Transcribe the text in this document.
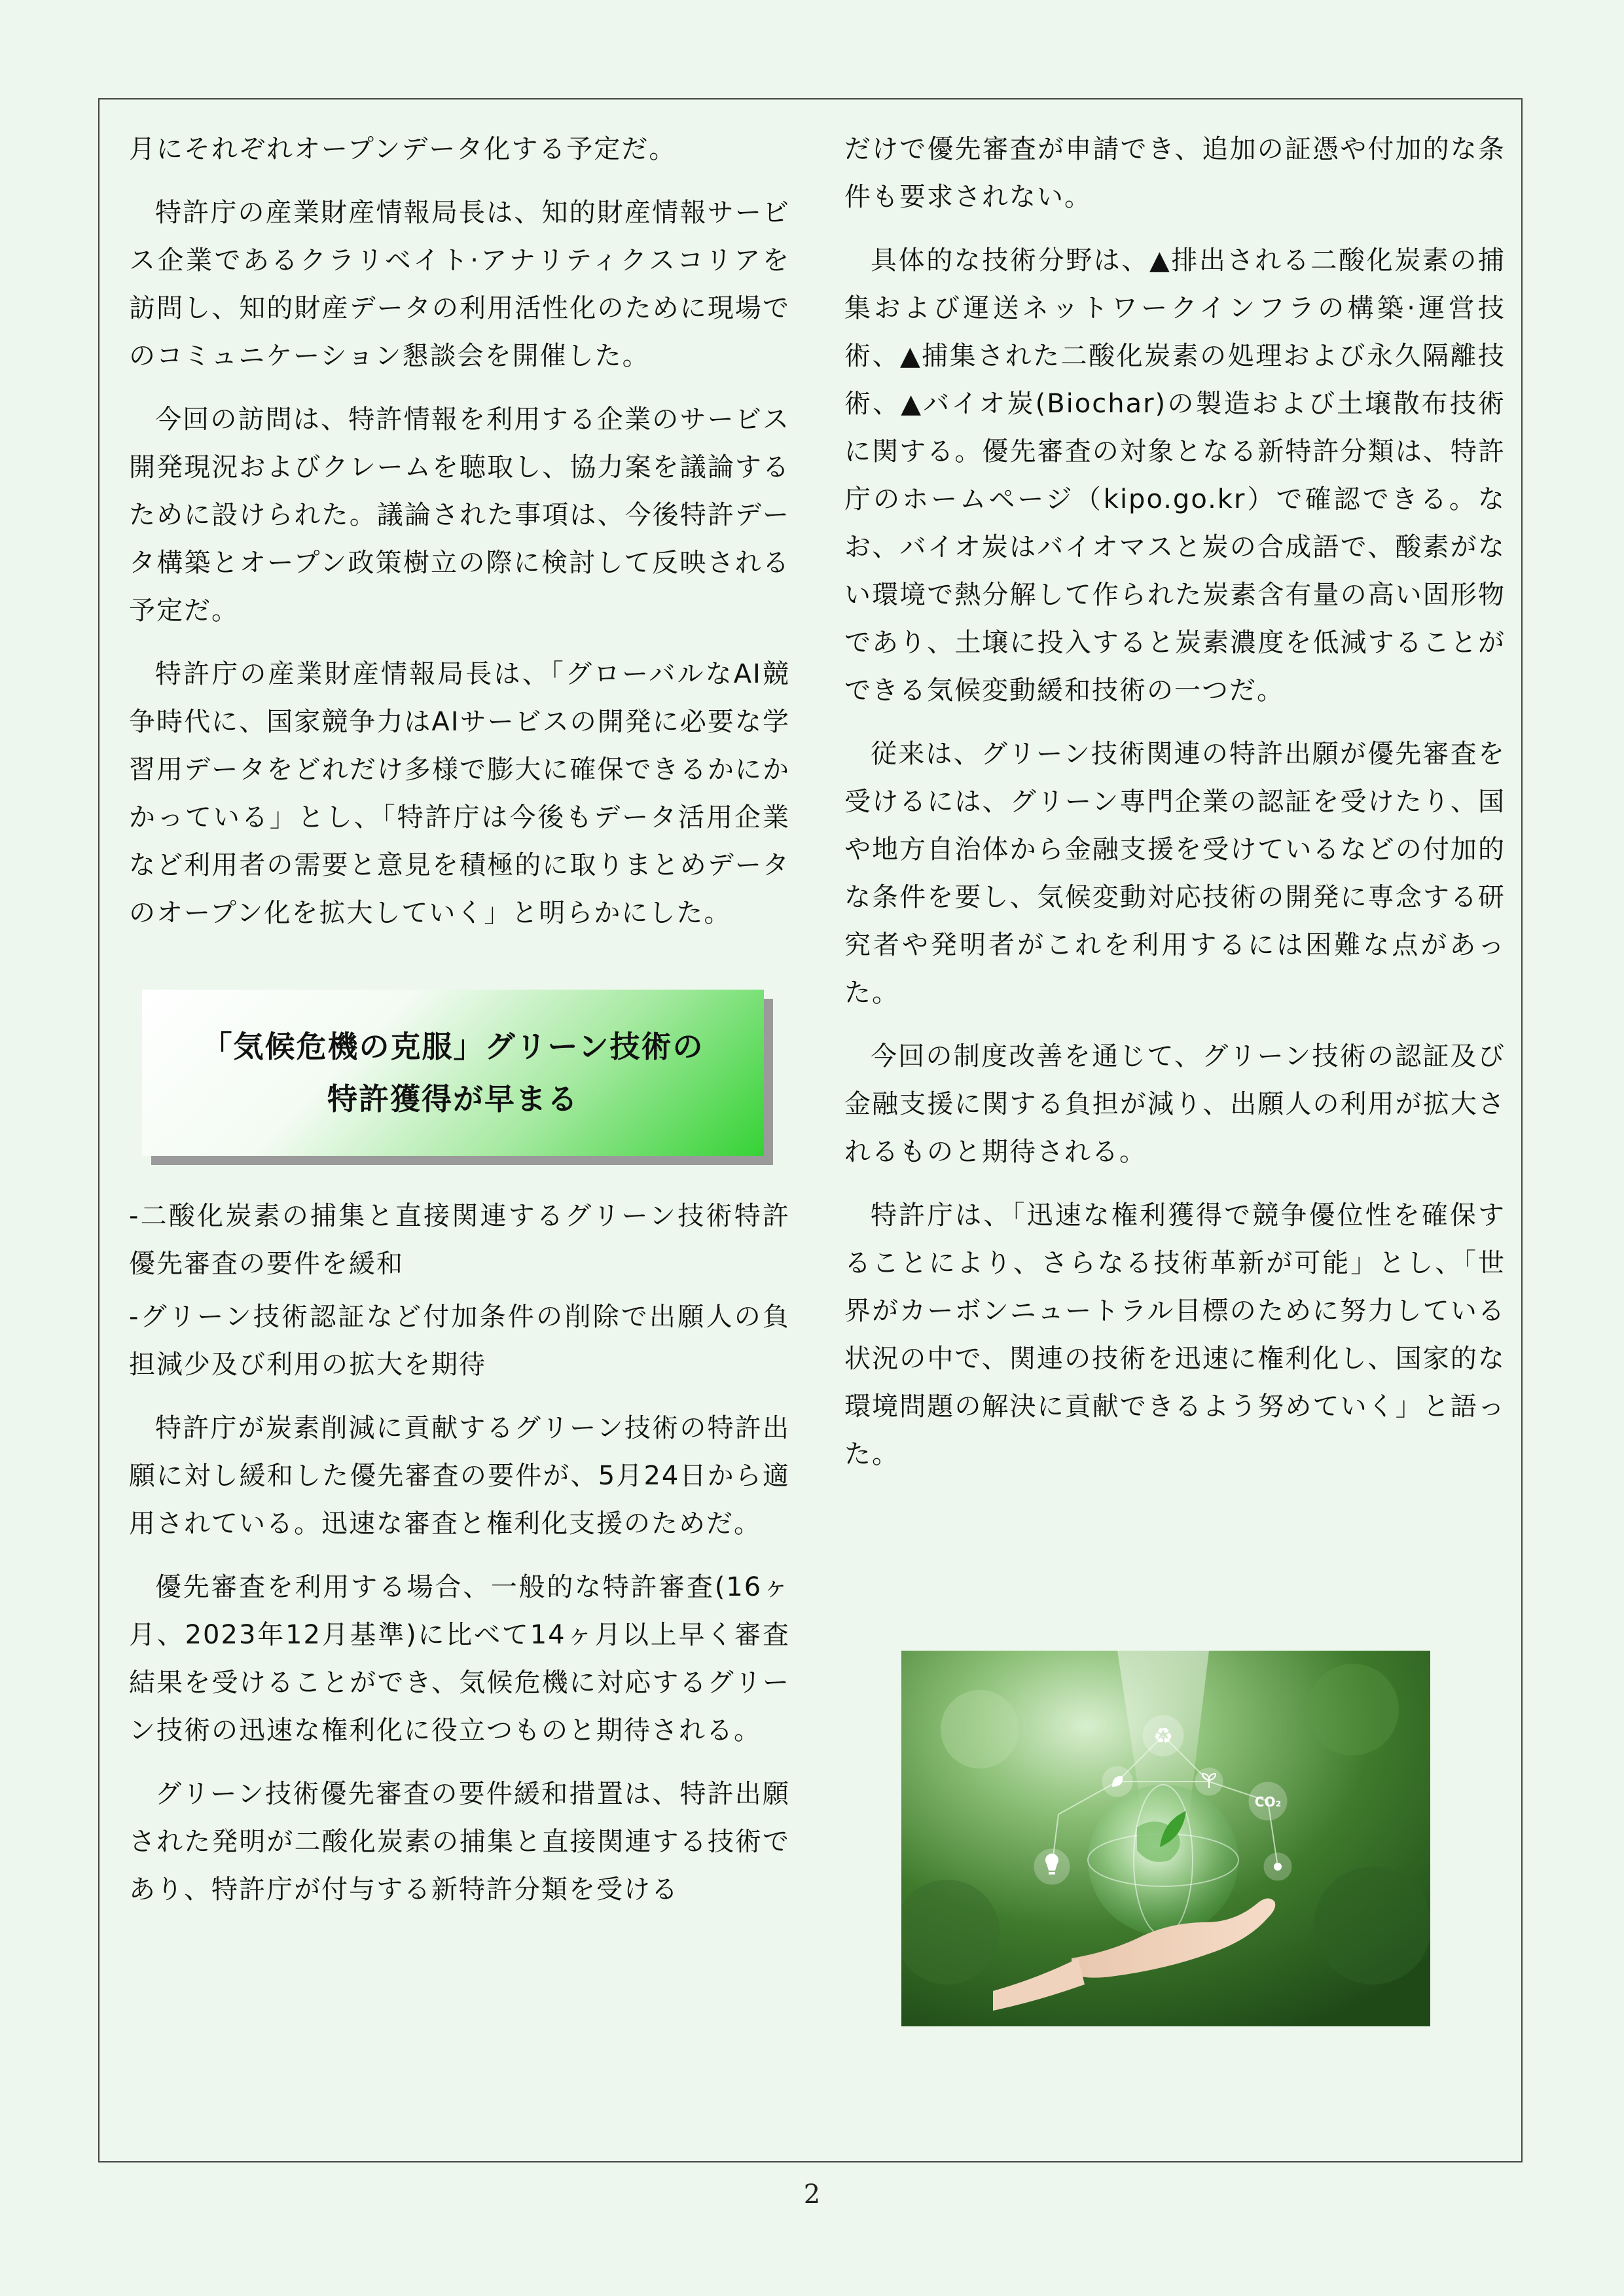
月にそれぞれオープンデータ化する予定だ。

特許庁の産業財産情報局長は、知的財産情報サービス企業であるクラリベイト·アナリティクスコリアを訪問し、知的財産データの利用活性化のために現場でのコミュニケーション懇談会を開催した。

今回の訪問は、特許情報を利用する企業のサービス開発現況およびクレームを聴取し、協力案を議論するために設けられた。議論された事項は、今後特許データ構築とオープン政策樹立の際に検討して反映される予定だ。

特許庁の産業財産情報局長は、「グローバルなAI競争時代に、国家競争力はAIサービスの開発に必要な学習用データをどれだけ多様で膨大に確保できるかにかかっている」とし、「特許庁は今後もデータ活用企業など利用者の需要と意見を積極的に取りまとめデータのオープン化を拡大していく」と明らかにした。

「気候危機の克服」グリーン技術の
特許獲得が早まる

-二酸化炭素の捕集と直接関連するグリーン技術特許優先審査の要件を緩和

-グリーン技術認証など付加条件の削除で出願人の負担減少及び利用の拡大を期待

特許庁が炭素削減に貢献するグリーン技術の特許出願に対し緩和した優先審査の要件が、5月24日から適用されている。迅速な審査と権利化支援のためだ。

優先審査を利用する場合、一般的な特許審査(16ヶ月、2023年12月基準)に比べて14ヶ月以上早く審査結果を受けることができ、気候危機に対応するグリーン技術の迅速な権利化に役立つものと期待される。

グリーン技術優先審査の要件緩和措置は、特許出願された発明が二酸化炭素の捕集と直接関連する技術であり、特許庁が付与する新特許分類を受ける

だけで優先審査が申請でき、追加の証憑や付加的な条件も要求されない。

具体的な技術分野は、▲排出される二酸化炭素の捕集および運送ネットワークインフラの構築·運営技術、▲捕集された二酸化炭素の処理および永久隔離技術、▲バイオ炭(Biochar)の製造および土壌散布技術に関する。優先審査の対象となる新特許分類は、特許庁のホームページ（kipo.go.kr）で確認できる。なお、バイオ炭はバイオマスと炭の合成語で、酸素がない環境で熱分解して作られた炭素含有量の高い固形物であり、土壌に投入すると炭素濃度を低減することができる気候変動緩和技術の一つだ。

従来は、グリーン技術関連の特許出願が優先審査を受けるには、グリーン専門企業の認証を受けたり、国や地方自治体から金融支援を受けているなどの付加的な条件を要し、気候変動対応技術の開発に専念する研究者や発明者がこれを利用するには困難な点があった。

今回の制度改善を通じて、グリーン技術の認証及び金融支援に関する負担が減り、出願人の利用が拡大されるものと期待される。

特許庁は、「迅速な権利獲得で競争優位性を確保することにより、さらなる技術革新が可能」とし、「世界がカーボンニュートラル目標のために努力している状況の中で、関連の技術を迅速に権利化し、国家的な環境問題の解決に貢献できるよう努めていく」と語った。

♻
CO₂
2
